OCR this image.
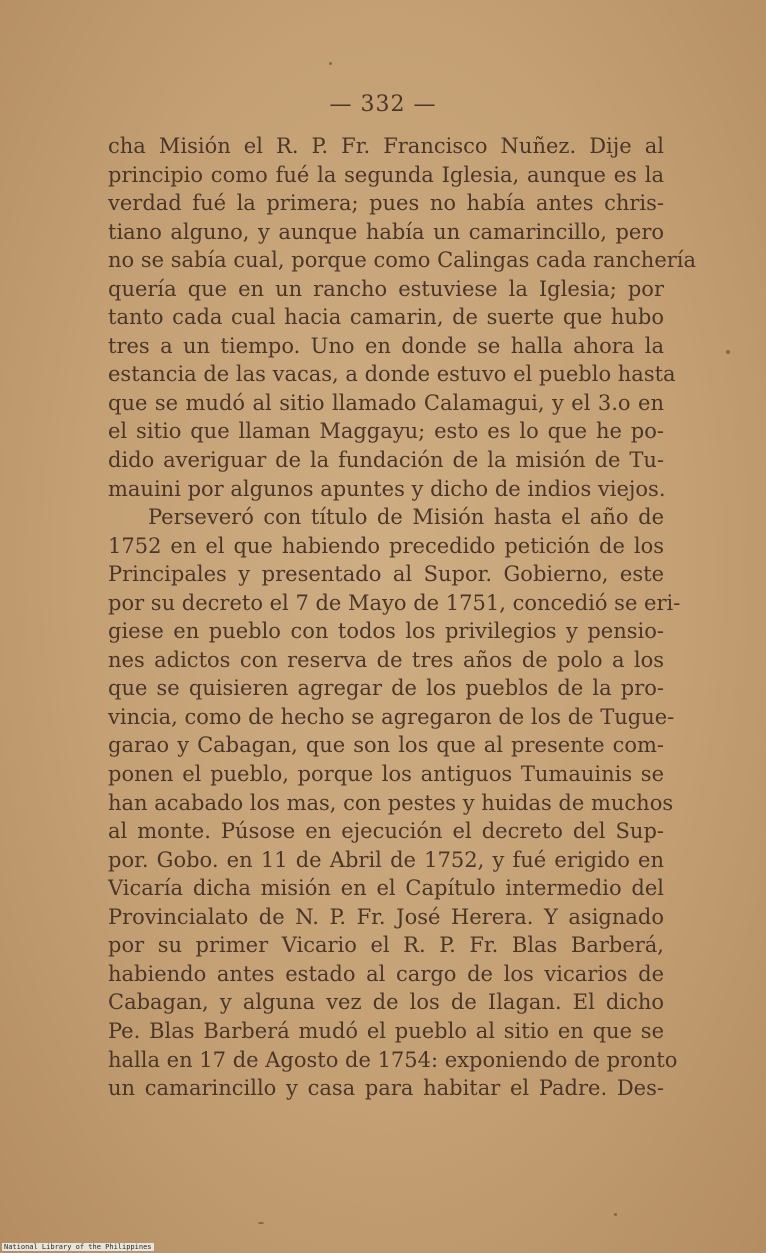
— 332 —
cha Misión el R. P. Fr. Francisco Nuñez. Dije al
principio como fué la segunda Iglesia, aunque es la
verdad fué la primera; pues no había antes chris-
tiano alguno, y aunque había un camarincillo, pero
no se sabía cual, porque como Calingas cada ranchería
quería que en un rancho estuviese la Iglesia; por
tanto cada cual hacia camarin, de suerte que hubo
tres a un tiempo. Uno en donde se halla ahora la
estancia de las vacas, a donde estuvo el pueblo hasta
que se mudó al sitio llamado Calamagui, y el 3.o en
el sitio que llaman Maggayu; esto es lo que he po-
dido averiguar de la fundación de la misión de Tu-
mauini por algunos apuntes y dicho de indios viejos.
Perseveró con título de Misión hasta el año de
1752 en el que habiendo precedido petición de los
Principales y presentado al Supor. Gobierno, este
por su decreto el 7 de Mayo de 1751, concedió se eri-
giese en pueblo con todos los privilegios y pensio-
nes adictos con reserva de tres años de polo a los
que se quisieren agregar de los pueblos de la pro-
vincia, como de hecho se agregaron de los de Tugue-
garao y Cabagan, que son los que al presente com-
ponen el pueblo, porque los antiguos Tumauinis se
han acabado los mas, con pestes y huidas de muchos
al monte. Púsose en ejecución el decreto del Sup-
por. Gobo. en 11 de Abril de 1752, y fué erigido en
Vicaría dicha misión en el Capítulo intermedio del
Provincialato de N. P. Fr. José Herera. Y asignado
por su primer Vicario el R. P. Fr. Blas Barberá,
habiendo antes estado al cargo de los vicarios de
Cabagan, y alguna vez de los de Ilagan. El dicho
Pe. Blas Barberá mudó el pueblo al sitio en que se
halla en 17 de Agosto de 1754: exponiendo de pronto
un camarincillo y casa para habitar el Padre. Des-
National Library of the Philippines
